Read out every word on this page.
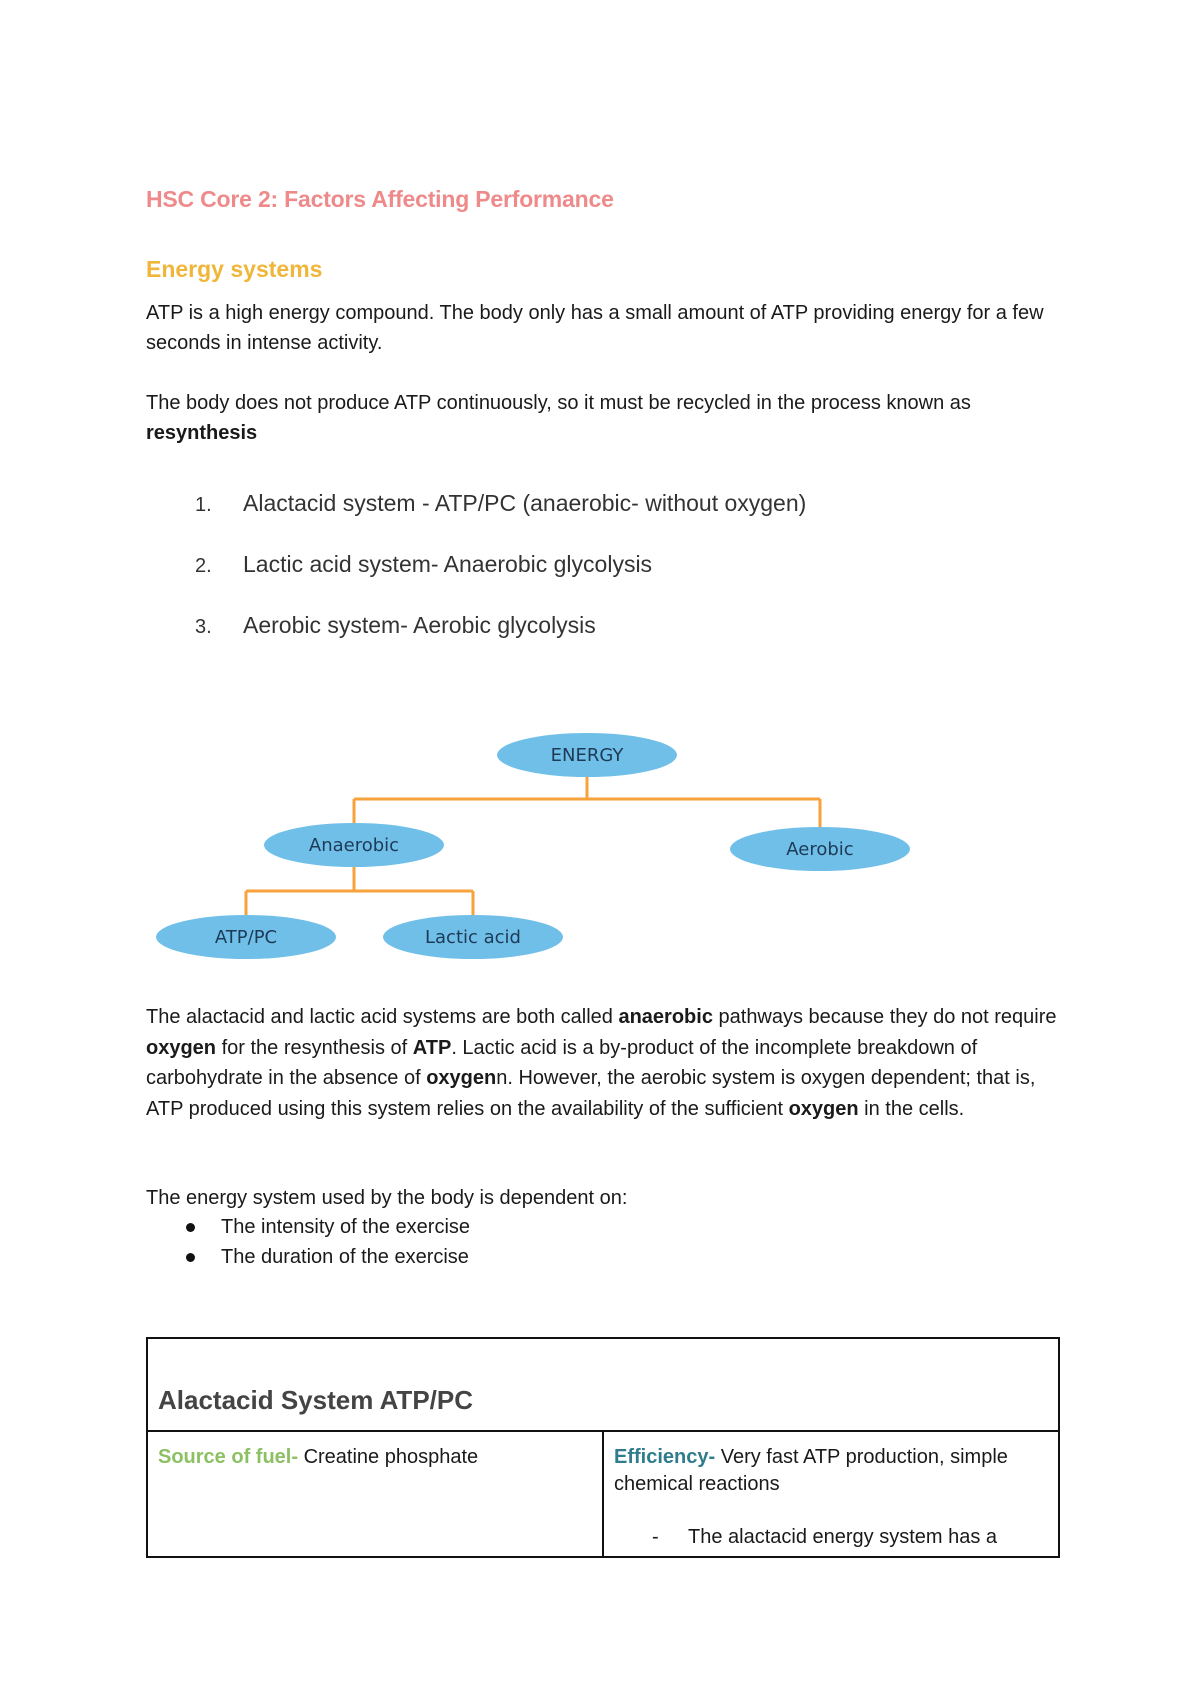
HSC Core 2: Factors Affecting Performance
Energy systems

ATP is a high energy compound. The body only has a small amount of ATP providing energy for a few seconds in intense activity.

The body does not produce ATP continuously, so it must be recycled in the process known as resynthesis

1.	Alactacid system - ATP/PC (anaerobic- without oxygen)
2.	Lactic acid system- Anaerobic glycolysis
3.	Aerobic system- Aerobic glycolysis
ENERGY
Anaerobic	Aerobic
ATP/PC	Lactic acid

The alactacid and lactic acid systems are both called anaerobic pathways because they do not require oxygen for the resynthesis of ATP. Lactic acid is a by-product of the incomplete breakdown of carbohydrate in the absence of oxygenn. However, the aerobic system is oxygen dependent; that is, ATP produced using this system relies on the availability of the sufficient oxygen in the cells.

The energy system used by the body is dependent on:

The intensity of the exercise
The duration of the exercise
Alactacid System ATP/PC
Source of fuel- Creatine phosphate	Efficiency- Very fast ATP production, simple chemical reactions
-	The alactacid energy system has a
